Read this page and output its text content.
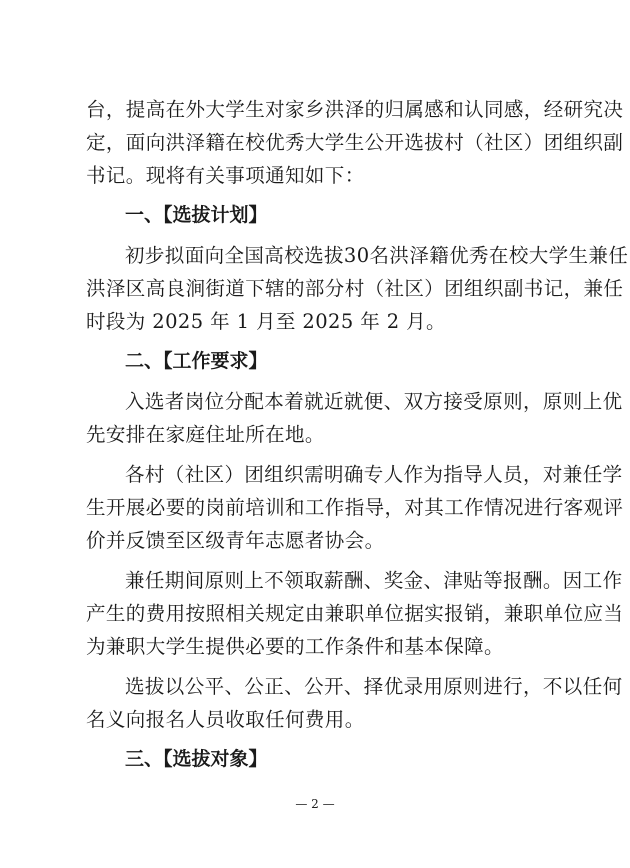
台，提高在外大学生对家乡洪泽的归属感和认同感，经研究决
定，面向洪泽籍在校优秀大学生公开选拔村（社区）团组织副
书记。现将有关事项通知如下：
一、【选拔计划】
初步拟面向全国高校选拔30名洪泽籍优秀在校大学生兼任
洪泽区高良涧街道下辖的部分村（社区）团组织副书记，兼任
时段为 2025 年 1 月至 2025 年 2 月。
二、【工作要求】
入选者岗位分配本着就近就便、双方接受原则，原则上优
先安排在家庭住址所在地。
各村（社区）团组织需明确专人作为指导人员，对兼任学
生开展必要的岗前培训和工作指导，对其工作情况进行客观评
价并反馈至区级青年志愿者协会。
兼任期间原则上不领取薪酬、奖金、津贴等报酬。因工作
产生的费用按照相关规定由兼职单位据实报销，兼职单位应当
为兼职大学生提供必要的工作条件和基本保障。
选拔以公平、公正、公开、择优录用原则进行，不以任何
名义向报名人员收取任何费用。
三、【选拔对象】
— 2 —
